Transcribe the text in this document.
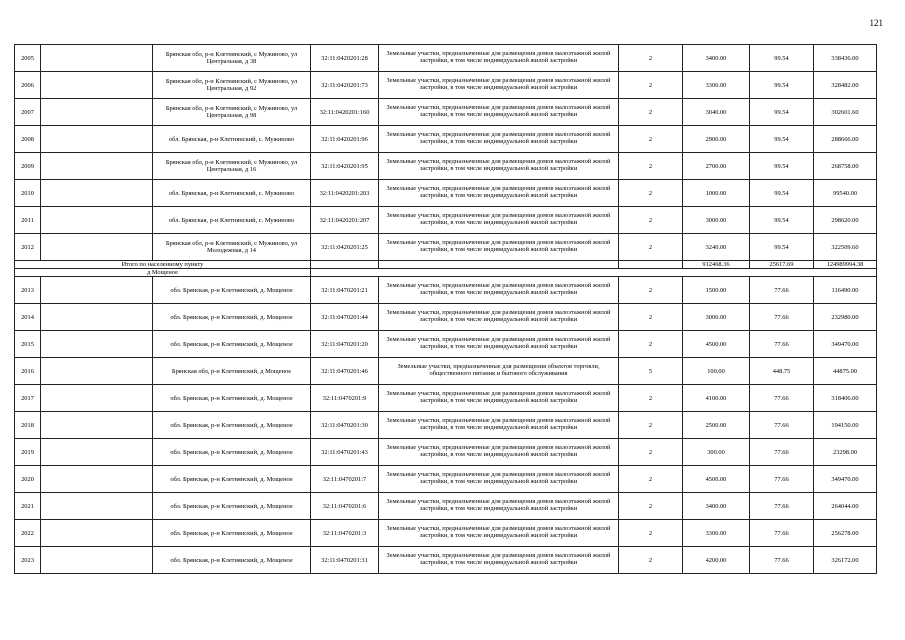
121
2005		Брянская обл, р-н Клетнянский, с Мужиново, ул Центральная, д 38	32:11:0420201:28	Земельные участки, предназначенные для размещения домов малоэтажной жилой застройки, в том числе индивидуальной жилой застройки	2	3400.00	99.54	338436.00
2006		Брянская обл, р-н Клетнянский, с Мужиново, ул Центральная, д 92	32:11:0420201:73	Земельные участки, предназначенные для размещения домов малоэтажной жилой застройки, в том числе индивидуальной жилой застройки	2	3300.00	99.54	328482.00
2007		Брянская обл, р-н Клетнянский, с Мужиново, ул Центральная, д 98	32:11:0420201:160	Земельные участки, предназначенные для размещения домов малоэтажной жилой застройки, в том числе индивидуальной жилой застройки	2	3040.00	99.54	302601.60
2008		обл. Брянская, р-н Клетнянский, с. Мужиново	32:11:0420201:96	Земельные участки, предназначенные для размещения домов малоэтажной жилой застройки, в том числе индивидуальной жилой застройки	2	2900.00	99.54	288666.00
2009		Брянская обл, р-н Клетнянский, с Мужиново, ул Центральная, д 16	32:11:0420201:95	Земельные участки, предназначенные для размещения домов малоэтажной жилой застройки, в том числе индивидуальной жилой застройки	2	2700.00	99.54	268758.00
2010		обл. Брянская, р-н Клетнянский, с. Мужиново	32:11:0420201:203	Земельные участки, предназначенные для размещения домов малоэтажной жилой застройки, в том числе индивидуальной жилой застройки	2	1000.00	99.54	99540.00
2011		обл. Брянская, р-н Клетнянский, с. Мужиново	32:11:0420201:207	Земельные участки, предназначенные для размещения домов малоэтажной жилой застройки, в том числе индивидуальной жилой застройки	2	3000.00	99.54	298620.00
2012		Брянская обл, р-н Клетнянский, с Мужиново, ул Молодежная, д 14	32:11:0420201:25	Земельные участки, предназначенные для размещения домов малоэтажной жилой застройки, в том числе индивидуальной жилой застройки	2	3240.00	99.54	322509.60
Итого по населенному пункту						912468.36	25617.69	124989994.38
д Мощеное								
2013		обл. Брянская, р-н Клетнянский, д. Мощеное	32:11:0470201:21	Земельные участки, предназначенные для размещения домов малоэтажной жилой застройки, в том числе индивидуальной жилой застройки	2	1500.00	77.66	116490.00
2014		обл. Брянская, р-н Клетнянский, д. Мощеное	32:11:0470201:44	Земельные участки, предназначенные для размещения домов малоэтажной жилой застройки, в том числе индивидуальной жилой застройки	2	3000.00	77.66	232980.00
2015		обл. Брянская, р-н Клетнянский, д. Мощеное	32:11:0470201:20	Земельные участки, предназначенные для размещения домов малоэтажной жилой застройки, в том числе индивидуальной жилой застройки	2	4500.00	77.66	349470.00
2016		Брянская обл, р-н Клетнянский, д Мощеное	32:11:0470201:46	Земельные участки, предназначенные для размещения объектов торговли, общественного питания и бытового обслуживания	5	100.00	448.75	44875.00
2017		обл. Брянская, р-н Клетнянский, д. Мощеное	32:11:0470201:9	Земельные участки, предназначенные для размещения домов малоэтажной жилой застройки, в том числе индивидуальной жилой застройки	2	4100.00	77.66	318406.00
2018		обл. Брянская, р-н Клетнянский, д. Мощеное	32:11:0470201:30	Земельные участки, предназначенные для размещения домов малоэтажной жилой застройки, в том числе индивидуальной жилой застройки	2	2500.00	77.66	194150.00
2019		обл. Брянская, р-н Клетнянский, д. Мощеное	32:11:0470201:43	Земельные участки, предназначенные для размещения домов малоэтажной жилой застройки, в том числе индивидуальной жилой застройки	2	300.00	77.66	23298.00
2020		обл. Брянская, р-н Клетнянский, д. Мощеное	32:11:0470201:7	Земельные участки, предназначенные для размещения домов малоэтажной жилой застройки, в том числе индивидуальной жилой застройки	2	4500.00	77.66	349470.00
2021		обл. Брянская, р-н Клетнянский, д. Мощеное	32:11:0470201:6	Земельные участки, предназначенные для размещения домов малоэтажной жилой застройки, в том числе индивидуальной жилой застройки	2	3400.00	77.66	264044.00
2022		обл. Брянская, р-н Клетнянский, д. Мощеное	32:11:0470201:3	Земельные участки, предназначенные для размещения домов малоэтажной жилой застройки, в том числе индивидуальной жилой застройки	2	3300.00	77.66	256278.00
2023		обл. Брянская, р-н Клетнянский, д. Мощеное	32:11:0470201:31	Земельные участки, предназначенные для размещения домов малоэтажной жилой застройки, в том числе индивидуальной жилой застройки	2	4200.00	77.66	326172.00
